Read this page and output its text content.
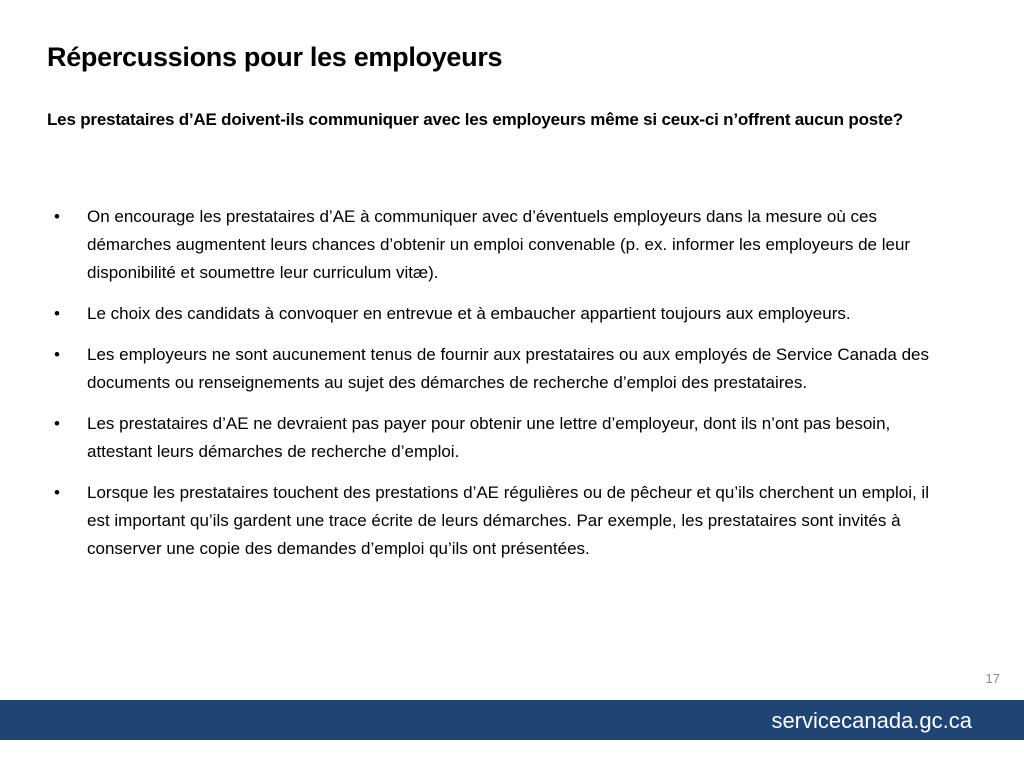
Répercussions pour les employeurs

Les prestataires d’AE doivent-ils communiquer avec les employeurs même si ceux-ci n’offrent aucun poste?

• On encourage les prestataires d’AE à communiquer avec d’éventuels employeurs dans la mesure où ces démarches augmentent leurs chances d’obtenir un emploi convenable (p. ex. informer les employeurs de leur disponibilité et soumettre leur curriculum vitæ).
• Le choix des candidats à convoquer en entrevue et à embaucher appartient toujours aux employeurs.
• Les employeurs ne sont aucunement tenus de fournir aux prestataires ou aux employés de Service Canada des documents ou renseignements au sujet des démarches de recherche d’emploi des prestataires.
• Les prestataires d’AE ne devraient pas payer pour obtenir une lettre d’employeur, dont ils n’ont pas besoin, attestant leurs démarches de recherche d’emploi.
• Lorsque les prestataires touchent des prestations d’AE régulières ou de pêcheur et qu’ils cherchent un emploi, il est important qu’ils gardent une trace écrite de leurs démarches. Par exemple, les prestataires sont invités à conserver une copie des demandes d’emploi qu’ils ont présentées.
17
servicecanada.gc.ca
